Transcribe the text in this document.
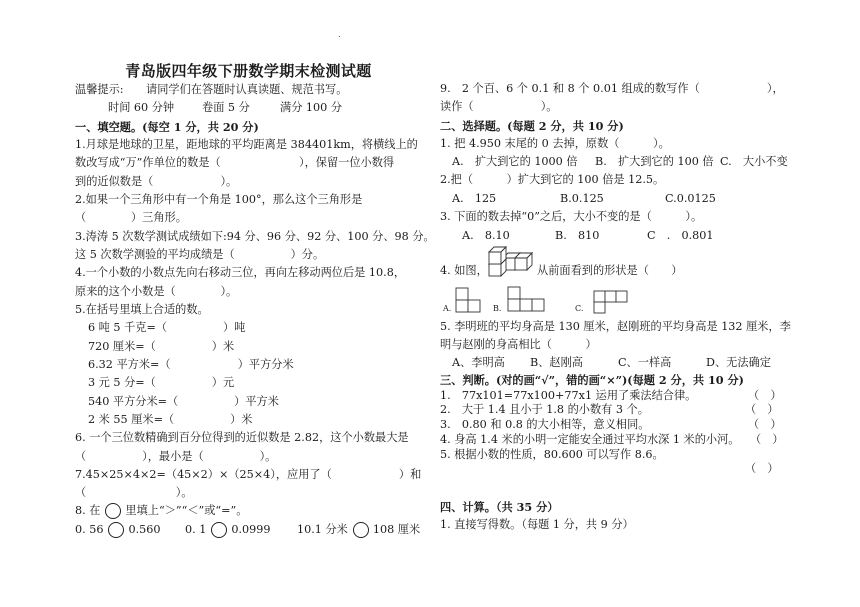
.
青岛版四年级下册数学期末检测试题
温馨提示: 请同学们在答题时认真读题、规范书写。
时间 60 分钟 卷面 5 分	满分 100 分
一、填空题。(每空 1 分，共 20 分)
1.月球是地球的卫星，距地球的平均距离是 384401km，将横线上的
数改写成“万”作单位的数是（　　　　　　　），保留一位小数得
到的近似数是（　　　　　　）。
2.如果一个三角形中有一个角是 100°，那么这个三角形是
（　　　　）三角形。
3.涛涛 5 次数学测试成绩如下:94 分、96 分、92 分、100 分、98 分。
这 5 次数学测验的平均成绩是（　　　　　）分。
4.一个小数的小数点先向右移动三位，再向左移动两位后是 10.8，
原来的这个小数是（　　　　）。
5.在括号里填上合适的数。
6 吨 5 千克=（　　　　　）吨
720 厘米=（　　　　　）米
6.32 平方米=（　　　　　　）平方分米
3 元 5 分=（　　　　　）元
540 平方分米=（　　　　　）平方米
2 米 55 厘米=（　　　　　）米
6. 一个三位数精确到百分位得到的近似数是 2.82，这个小数最大是
（　　　　　），最小是（　　　　　）。
7.45×25×4×2=（45×2）×（25×4），应用了（　　　　　　）和
（　　　　　　　　）。
8. 在 里填上“＞”“＜”或“=”。
0. 56 0.560 0. 1 0.0999 10.1 分米 108 厘米
9.　2 个百、6 个 0.1 和 8 个 0.01 组成的数写作（　　　　　　），
读作（　　　　　　）。
二、选择题。(每题 2 分，共 10 分)
1. 把 4.950 末尾的 0 去掉，原数（　　　）。
A.　扩大到它的 1000 倍 B.　扩大到它的 100 倍 C.　大小不变
2.把（　　　）扩大到它的 100 倍是 12.5。
A.　125	B.0.125	C.0.0125
3. 下面的数去掉“0”之后，大小不变的是（　　　）。
A.　8.10	B.　810	C　.　0.801
4. 如图，	从前面看到的形状是（　　）
A.	B.	C.
5. 李明班的平均身高是 130 厘米，赵刚班的平均身高是 132 厘米，李
明与赵刚的身高相比（　　　）
A、李明高 B、赵刚高	C、一样高	D、无法确定
三、判断。(对的画“√”，错的画“×”)(每题 2 分，共 10 分)
1.　77x101=77x100+77x1 运用了乘法结合律。	（　）
2.　大于 1.4 且小于 1.8 的小数有 3 个。	（　）
3.　0.80 和 0.8 的大小相等，意义相同。	（　）
4. 身高 1.4 米的小明一定能安全通过平均水深 1 米的小河。 （　）
5. 根据小数的性质，80.600 可以写作 8.6。
（　）
四、计算。（共 35 分）
1. 直接写得数。（每题 1 分，共 9 分）
